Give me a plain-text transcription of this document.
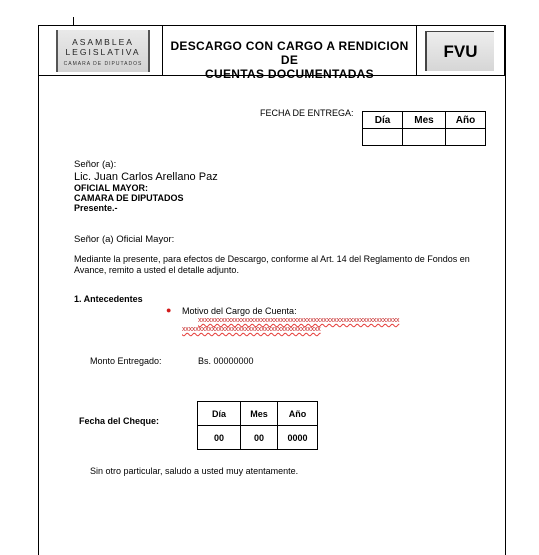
ASAMBLEA
LEGISLATIVA
CAMARA DE DIPUTADOS
DESCARGO CON CARGO A RENDICION DE
CUENTAS DOCUMENTADAS
FVU
FECHA DE ENTREGA:
Día	Mes	Año

Señor (a):
Lic. Juan Carlos Arellano Paz
OFICIAL MAYOR:
CAMARA DE DIPUTADOS
Presente.-
Señor (a) Oficial Mayor:
Mediante la presente, para efectos de Descargo, conforme al Art. 14 del Reglamento de Fondos en Avance, remito a usted el detalle adjunto.
1. Antecedentes
● Motivo del Cargo de Cuenta:
xxxxxxxxxxxxxxxxxxxxxxxxxxxxxxxxxxxxxxxxxxxxxxxxxxxxxxxxxxxxx
xxxxxxxxxxxxxxxxxxxxxxxxxxxxxxxxxxxxxxxxxx
Monto Entregado:	Bs. 00000000
Fecha del Cheque:
Día	Mes	Año
00	00	0000
Sin otro particular, saludo a usted muy atentamente.
